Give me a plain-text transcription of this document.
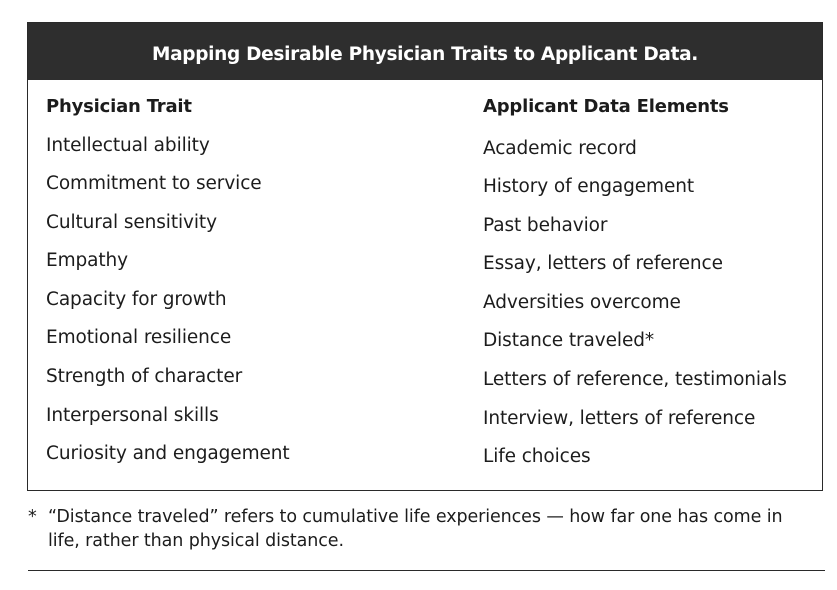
Mapping Desirable Physician Traits to Applicant Data.
Physician Trait
Intellectual ability
Commitment to service
Cultural sensitivity
Empathy
Capacity for growth
Emotional resilience
Strength of character
Interpersonal skills
Curiosity and engagement
Applicant Data Elements
Academic record
History of engagement
Past behavior
Essay, letters of reference
Adversities overcome
Distance traveled*
Letters of reference, testimonials
Interview, letters of reference
Life choices
* “Distance traveled” refers to cumulative life experiences — how far one has come in life, rather than physical distance.
